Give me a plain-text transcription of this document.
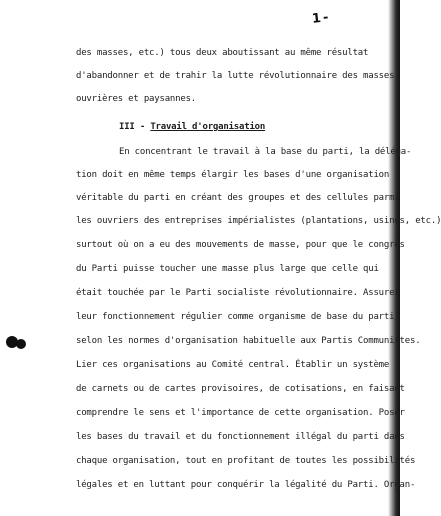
1-
des masses, etc.) tous deux aboutissant au même résultat
d'abandonner et de trahir la lutte révolutionnaire des masses
ouvrières et paysannes.
III - Travail d'organisation
En concentrant le travail à la base du parti, la déléga-
tion doit en même temps élargir les bases d'une organisation
véritable du parti en créant des groupes et des cellules parmi
les ouvriers des entreprises impérialistes (plantations, usines, etc.)
surtout où on a eu des mouvements de masse, pour que le congrès
du Parti puisse toucher une masse plus large que celle qui
était touchée par le Parti socialiste révolutionnaire. Assurer
leur fonctionnement régulier comme organisme de base du parti
selon les normes d'organisation habituelle aux Partis Communistes.
Lier ces organisations au Comité central. Établir un système
de carnets ou de cartes provisoires, de cotisations, en faisant
comprendre le sens et l'importance de cette organisation. Poser
les bases du travail et du fonctionnement illégal du parti dans
chaque organisation, tout en profitant de toutes les possibilités
légales et en luttant pour conquérir la légalité du Parti. Organ-
